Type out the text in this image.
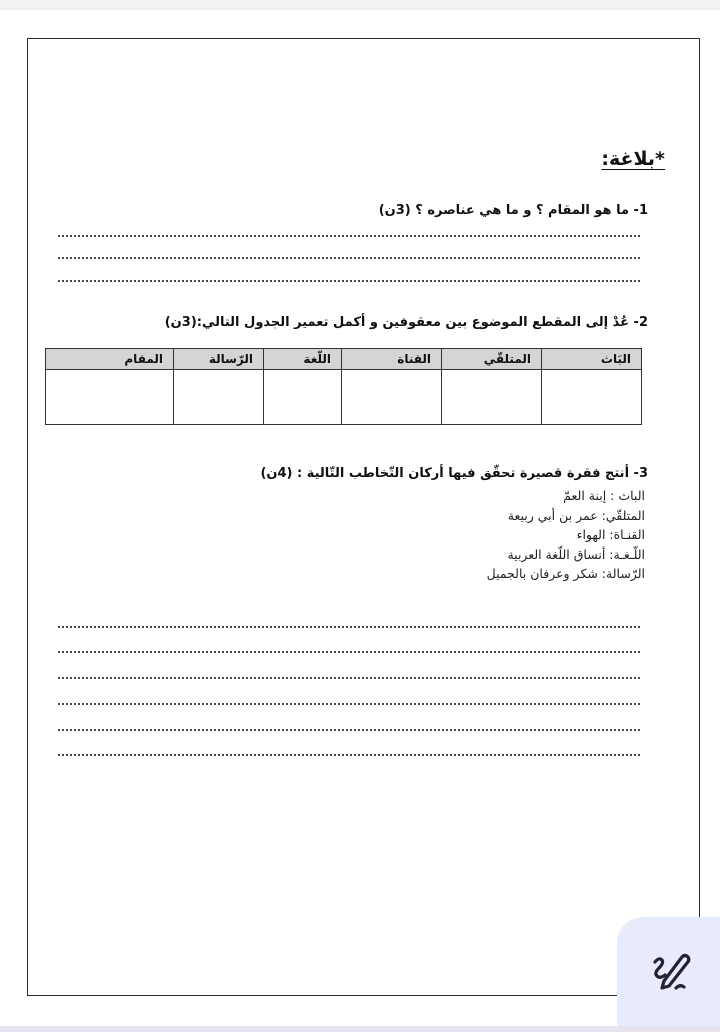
*بلاغة:
1- ما هو المقام ؟ و ما هي عناصره ؟ (3ن)
2- عُدْ إلى المقطع الموضوع بين معقوفين و أكمل تعمير الجدول التالي:(3ن)
البَاث	المتلقّي	القناة	اللّغة	الرّسالة	المقام

3- أنتج فقرة قصيرة تحقّق فيها أركان التّخاطب التّالية : (4ن)
الباث : إبنة العمّ
المتلقّي: عمر بن أبي ربيعة
القنـاة: الهواء
اللّـغـة: أنساق اللّغة العربية
الرّسالة: شكر وعرفان بالجميل
